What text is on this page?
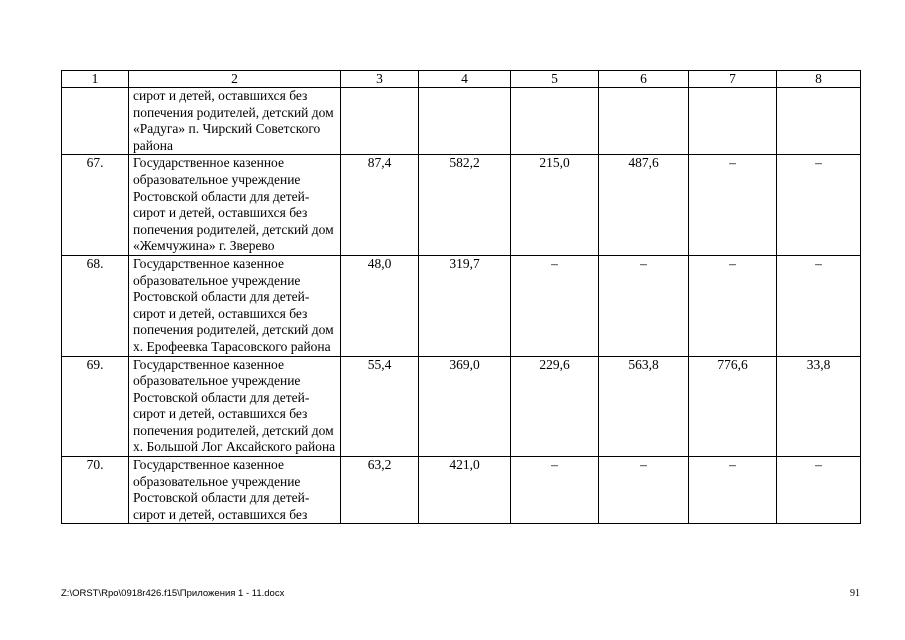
1	2	3	4	5	6	7	8
	сирот и детей, оставшихся без попечения родителей, детский дом «Радуга» п. Чирский Советского района						
67.	Государственное казенное образовательное учреждение Ростовской области для детей-сирот и детей, оставшихся без попечения родителей, детский дом «Жемчужина» г. Зверево	87,4	582,2	215,0	487,6	–	–
68.	Государственное казенное образовательное учреждение Ростовской области для детей-сирот и детей, оставшихся без попечения родителей, детский дом х. Ерофеевка Тарасовского района	48,0	319,7	–	–	–	–
69.	Государственное казенное образовательное учреждение Ростовской области для детей-сирот и детей, оставшихся без попечения родителей, детский дом х. Большой Лог Аксайского района	55,4	369,0	229,6	563,8	776,6	33,8
70.	Государственное казенное образовательное учреждение Ростовской области для детей-сирот и детей, оставшихся без	63,2	421,0	–	–	–	–
Z:\ORST\Rpo\0918r426.f15\Приложения 1 - 11.docx	91
